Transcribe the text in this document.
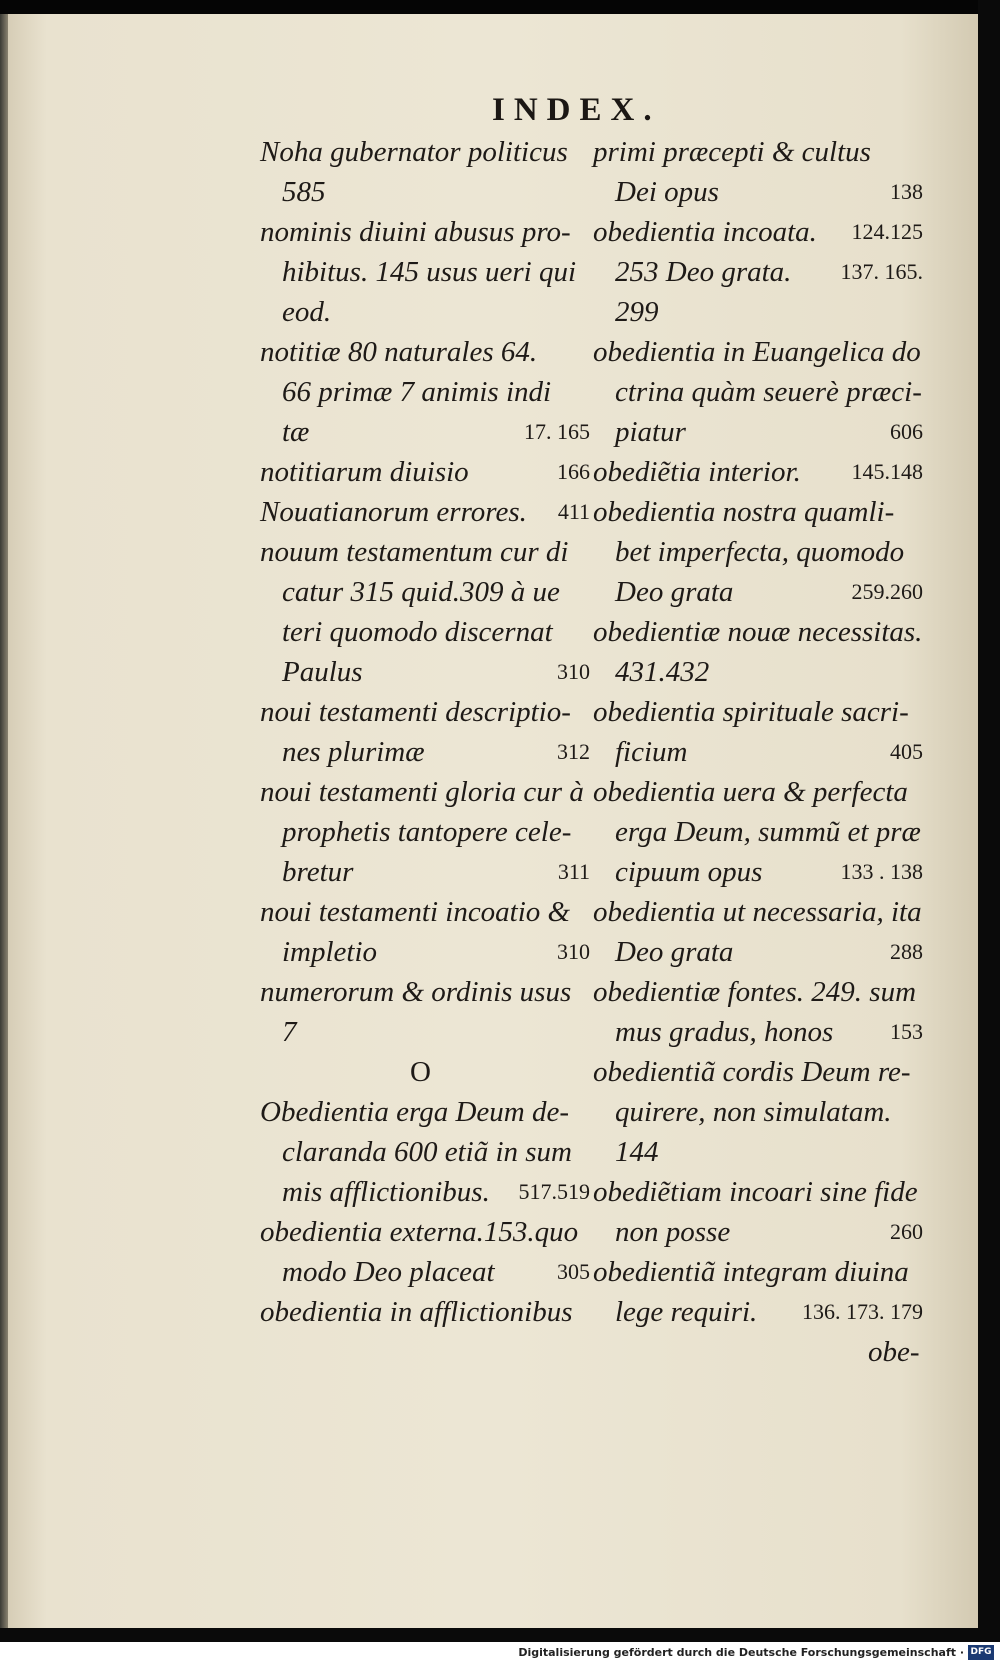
INDEX.
Noha gubernator politicus
585
nominis diuini abusus pro-
hibitus. 145 usus ueri qui
eod.
notitiæ 80 naturales 64.
66 primæ 7 animis indi
tæ	17. 165
notitiarum diuisio	166
Nouatianorum errores. 411
nouum testamentum cur di
catur 315 quid.309 à ue
teri quomodo discernat
Paulus	310
noui testamenti descriptio-
nes plurimæ	312
noui testamenti gloria cur à
prophetis tantopere cele-
bretur	311
noui testamenti incoatio &
impletio	310
numerorum & ordinis usus
7
O
Obedientia erga Deum de-
claranda 600 etiã in sum
mis afflictionibus. 517.519
obedientia externa.153.quo
modo Deo placeat	305
obedientia in afflictionibus
primi præcepti & cultus
Dei opus	138
obedientia incoata. 124.125
253 Deo grata. 137. 165.
299
obedientia in Euangelica do
ctrina quàm seuerè præci-
piatur	606
obediẽtia interior. 145.148
obedientia nostra quamli-
bet imperfecta, quomodo
Deo grata	259.260
obedientiæ nouæ necessitas.
431.432
obedientia spirituale sacri-
ficium	405
obedientia uera & perfecta
erga Deum, summũ et præ
cipuum opus	133 . 138
obedientia ut necessaria, ita
Deo grata	288
obedientiæ fontes. 249. sum
mus gradus, honos	153
obedientiã cordis Deum re-
quirere, non simulatam.
144
obediẽtiam incoari sine fide
non posse	260
obedientiã integram diuina
lege requiri. 136. 173. 179
obe-
Digitalisierung gefördert durch die Deutsche Forschungsgemeinschaft · DFG
